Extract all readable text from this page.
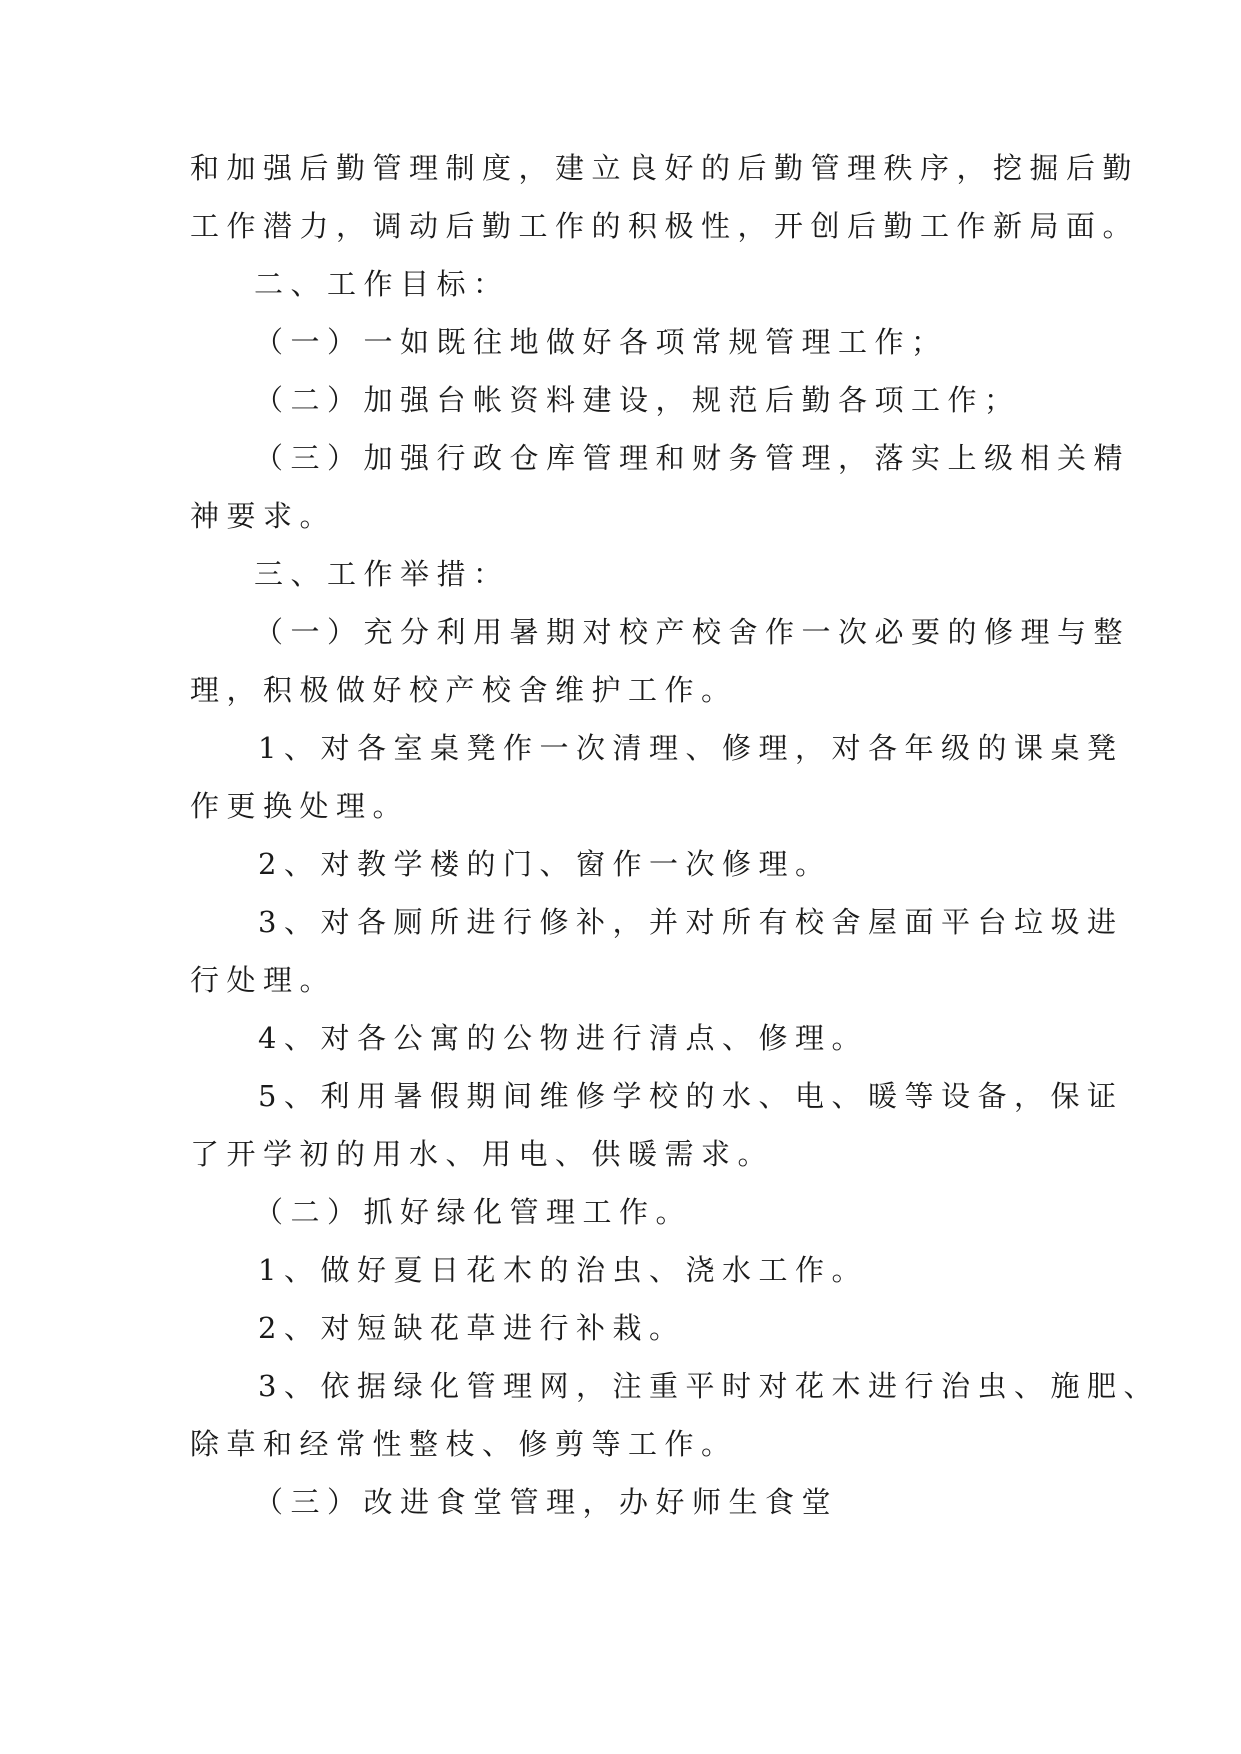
和加强后勤管理制度，建立良好的后勤管理秩序，挖掘后勤

工作潜力，调动后勤工作的积极性，开创后勤工作新局面。

二、工作目标：

（一）一如既往地做好各项常规管理工作；

（二）加强台帐资料建设，规范后勤各项工作；

（三）加强行政仓库管理和财务管理，落实上级相关精

神要求。

三、工作举措：

（一）充分利用暑期对校产校舍作一次必要的修理与整

理，积极做好校产校舍维护工作。

1、对各室桌凳作一次清理、修理，对各年级的课桌凳

作更换处理。

2、对教学楼的门、窗作一次修理。

3、对各厕所进行修补，并对所有校舍屋面平台垃圾进

行处理。

4、对各公寓的公物进行清点、修理。

5、利用暑假期间维修学校的水、电、暖等设备，保证

了开学初的用水、用电、供暖需求。

（二）抓好绿化管理工作。

1、做好夏日花木的治虫、浇水工作。

2、对短缺花草进行补栽。

3、依据绿化管理网，注重平时对花木进行治虫、施肥、

除草和经常性整枝、修剪等工作。

（三）改进食堂管理，办好师生食堂
